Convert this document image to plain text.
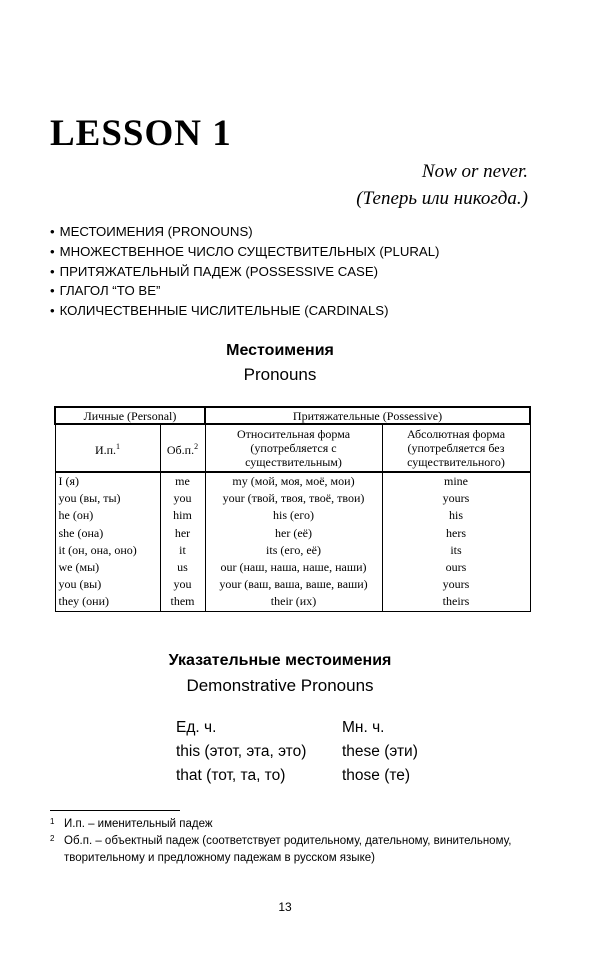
LESSON 1
Now or never.
(Теперь или никогда.)
• МЕСТОИМЕНИЯ (PRONOUNS)
• МНОЖЕСТВЕННОЕ ЧИСЛО СУЩЕСТВИТЕЛЬНЫХ (PLURAL)
• ПРИТЯЖАТЕЛЬНЫЙ ПАДЕЖ (POSSESSIVE CASE)
• ГЛАГОЛ “TO BE”
• КОЛИЧЕСТВЕННЫЕ ЧИСЛИТЕЛЬНЫЕ (CARDINALS)
Местоимения
Pronouns
Личные (Personal)		Притяжательные (Possessive)	
И.п.$^1$	Об.п.$^2$	Относительная форма (употребляется с существительным)	Абсолютная форма (употребляется без существительного)
I (я)	me	my (мой, моя, моё, мои)	mine
you (вы, ты)	you	your (твой, твоя, твоё, твои)	yours
he (он)	him	his (его)	his
she (она)	her	her (её)	hers
it (он, она, оно)	it	its (его, её)	its
we (мы)	us	our (наш, наша, наше, наши)	ours
you (вы)	you	your (ваш, ваша, ваше, ваши)	yours
they (они)	them	their (их)	theirs
Указательные местоимения
Demonstrative Pronouns
Ед. ч.	Мн. ч.
this (этот, эта, это)	these (эти)
that (тот, та, то)	those (те)
1 И.п. – именительный падеж
2 Об.п. – объектный падеж (соответствует родительному, дательному, винительному, творительному и предложному падежам в русском языке)
13
